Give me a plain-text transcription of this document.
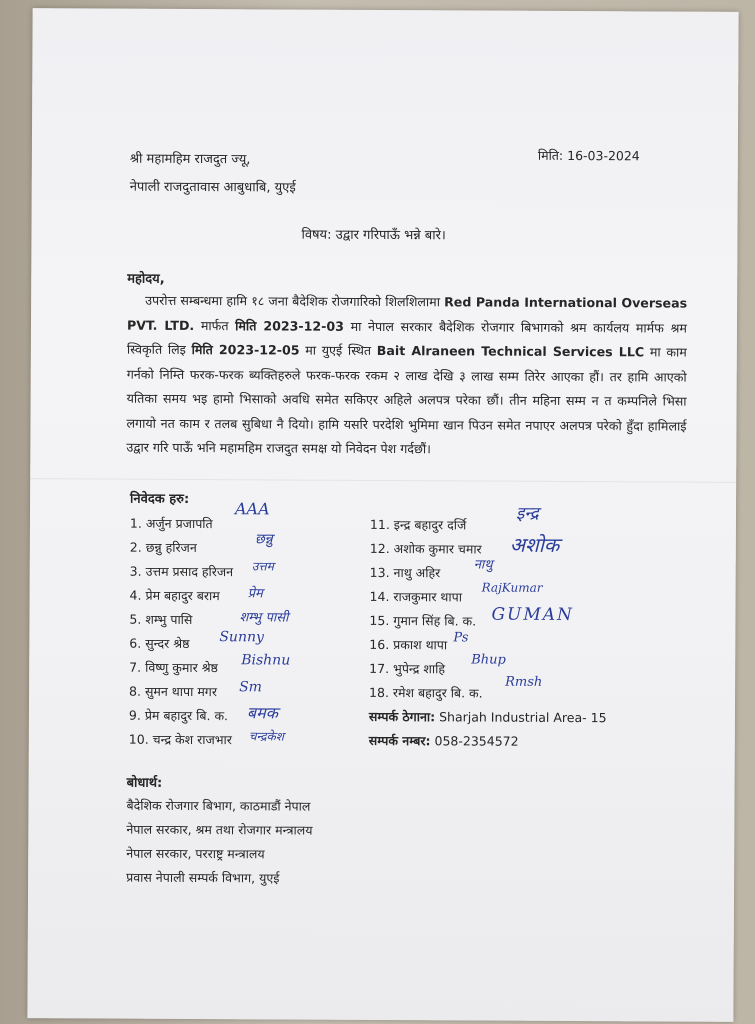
मिति: 16-03-2024
श्री महामहिम राजदुत ज्यू,
नेपाली राजदुतावास आबुधाबि, युएई
विषय: उद्वार गरिपाऊँ भन्ने बारे।
महोदय,
उपरोत्त सम्बन्धमा हामि १८ जना बैदेशिक रोजगारिको शिलशिलामा Red Panda International Overseas PVT. LTD. मार्फत मिति 2023-12-03 मा नेपाल सरकार बैदेशिक रोजगार बिभागको श्रम कार्यलय मार्मफ श्रम स्विकृति लिइ मिति 2023-12-05 मा युएई स्थित Bait Alraneen Technical Services LLC मा काम गर्नको निम्ति फरक-फरक ब्यक्तिहरुले फरक-फरक रकम २ लाख देखि ३ लाख सम्म तिरेर आएका हौं। तर हामि आएको यतिका समय भइ हामो भिसाको अवधि समेत सकिएर अहिले अलपत्र परेका छौं। तीन महिना सम्म न त कम्पनिले भिसा लगायो नत काम र तलब सुबिधा नै दियो। हामि यसरि परदेशि भुमिमा खान पिउन समेत नपाएर अलपत्र परेको हुँदा हामिलाई उद्वार गरि पाऊँ भनि महामहिम राजदुत समक्ष यो निवेदन पेश गर्दछौं।
निवेदक हरु:
1. अर्जुन प्रजापति
2. छन्नु हरिजन
3. उत्तम प्रसाद हरिजन
4. प्रेम बहादुर बराम
5. शम्भु पासि
6. सुन्दर श्रेष्ठ
7. विष्णु कुमार श्रेष्ठ
8. सुमन थापा मगर
9. प्रेम बहादुर बि. क.
10. चन्द्र केश राजभार
AAA
छन्नु
उत्तम
प्रेम
शम्भु पासी
Sunny
Bishnu
Sm
बमक
चन्द्रकेश
11. इन्द्र बहादुर दर्जि
12. अशोक कुमार चमार
13. नाथु अहिर
14. राजकुमार थापा
15. गुमान सिंह बि. क.
16. प्रकाश थापा
17. भुपेन्द्र शाहि
18. रमेश बहादुर बि. क.
इन्द्र
अशोक
नाथु
RajKumar
GUMAN
Ps
Bhup
Rmsh
सम्पर्क ठेगाना: Sharjah Industrial Area- 15
सम्पर्क नम्बर: 058-2354572
बोधार्थ:
बैदेशिक रोजगार बिभाग, काठमाडौं नेपाल
नेपाल सरकार, श्रम तथा रोजगार मन्त्रालय
नेपाल सरकार, परराष्ट्र मन्त्रालय
प्रवास नेपाली सम्पर्क विभाग, युएई
